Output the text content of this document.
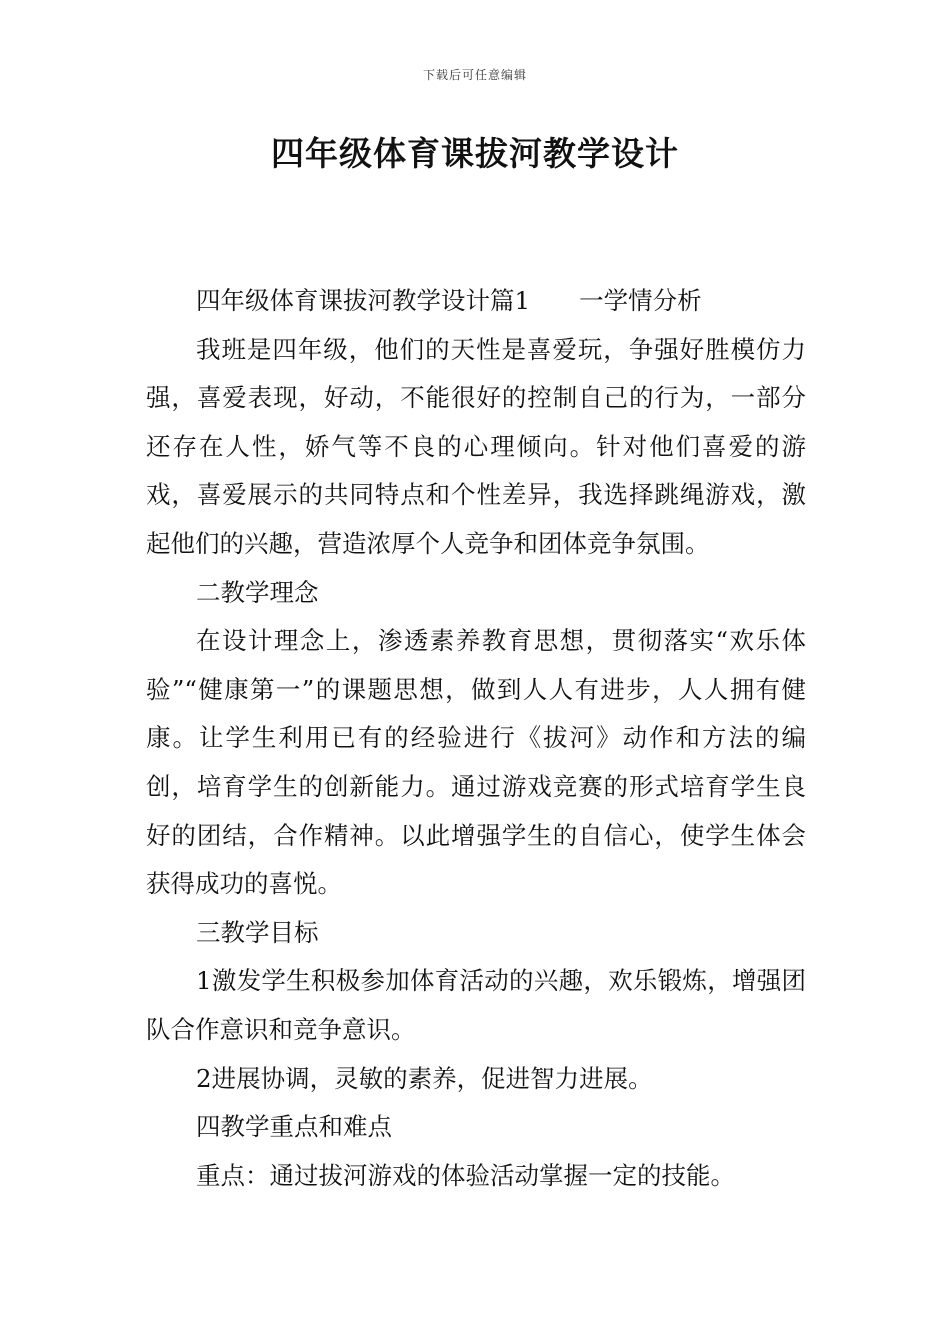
下载后可任意编辑
四年级体育课拔河教学设计

四年级体育课拔河教学设计篇1　　一学情分析

我班是四年级，他们的天性是喜爱玩，争强好胜模仿力强，喜爱表现，好动，不能很好的控制自己的行为，一部分还存在人性，娇气等不良的心理倾向。针对他们喜爱的游戏，喜爱展示的共同特点和个性差异，我选择跳绳游戏，激起他们的兴趣，营造浓厚个人竞争和团体竞争氛围。

二教学理念

在设计理念上，渗透素养教育思想，贯彻落实“欢乐体验”“健康第一”的课题思想，做到人人有进步，人人拥有健康。让学生利用已有的经验进行《拔河》动作和方法的编创，培育学生的创新能力。通过游戏竞赛的形式培育学生良好的团结，合作精神。以此增强学生的自信心，使学生体会获得成功的喜悦。

三教学目标

1激发学生积极参加体育活动的兴趣，欢乐锻炼，增强团队合作意识和竞争意识。

2进展协调，灵敏的素养，促进智力进展。

四教学重点和难点

重点：通过拔河游戏的体验活动掌握一定的技能。
